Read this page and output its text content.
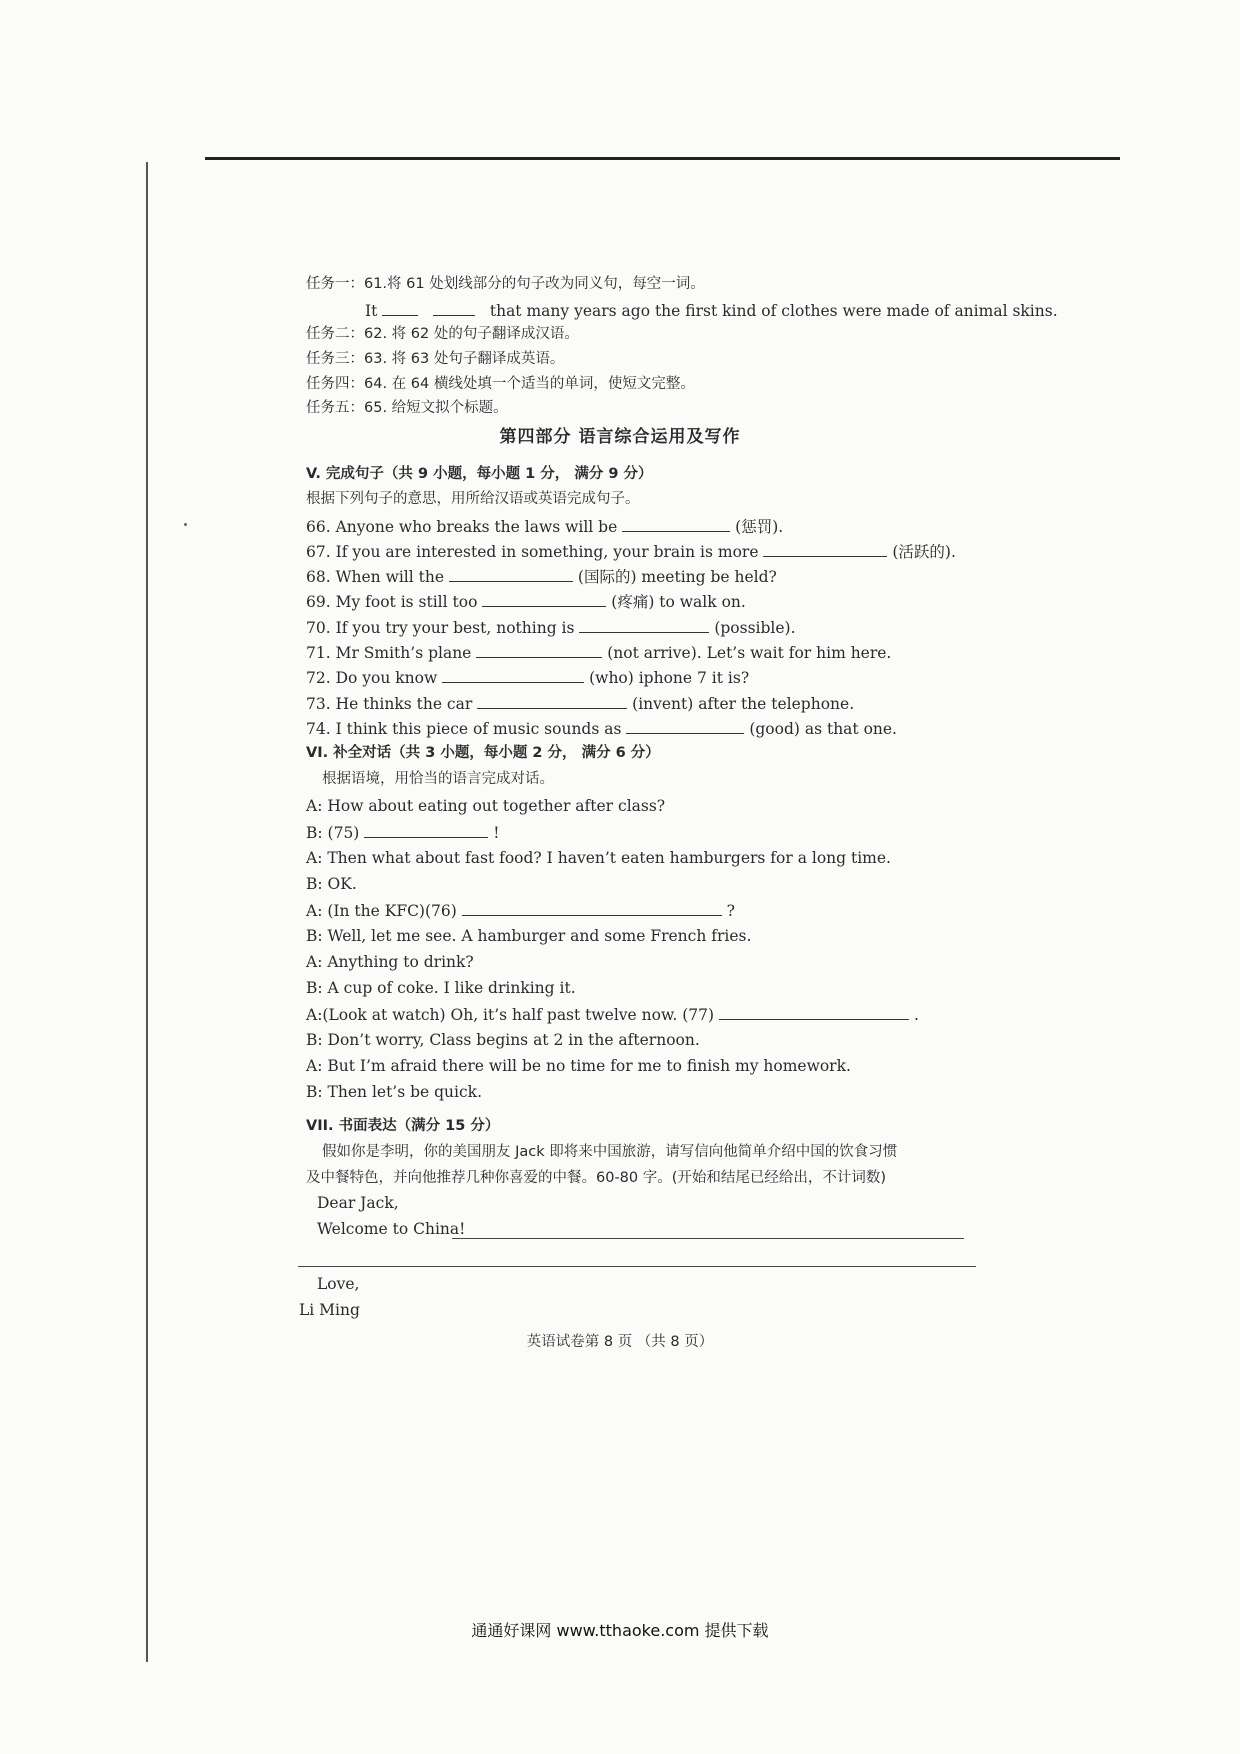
任务一：61.将 61 处划线部分的句子改为同义句，每空一词。
It	that many years ago the first kind of clothes were made of animal skins.
任务二：62. 将 62 处的句子翻译成汉语。
任务三：63. 将 63 处句子翻译成英语。
任务四：64. 在 64 横线处填一个适当的单词，使短文完整。
任务五：65. 给短文拟个标题。
第四部分 语言综合运用及写作
V. 完成句子（共 9 小题，每小题 1 分， 满分 9 分）
根据下列句子的意思，用所给汉语或英语完成句子。
66. Anyone who breaks the laws will be	(惩罚).
67. If you are interested in something, your brain is more	(活跃的).
68. When will the	(国际的) meeting be held?
69. My foot is still too	(疼痛) to walk on.
70. If you try your best, nothing is	(possible).
71. Mr Smith’s plane	(not arrive). Let’s wait for him here.
72. Do you know	(who) iphone 7 it is?
73. He thinks the car	(invent) after the telephone.
74. I think this piece of music sounds as	(good) as that one.
VI. 补全对话（共 3 小题，每小题 2 分， 满分 6 分）
根据语境，用恰当的语言完成对话。
A: How about eating out together after class?
B: (75)	!
A: Then what about fast food? I haven’t eaten hamburgers for a long time.
B: OK.
A: (In the KFC)(76)	?
B: Well, let me see. A hamburger and some French fries.
A: Anything to drink?
B: A cup of coke. I like drinking it.
A:(Look at watch) Oh, it’s half past twelve now. (77)	.
B: Don’t worry, Class begins at 2 in the afternoon.
A: But I’m afraid there will be no time for me to finish my homework.
B: Then let’s be quick.
VII. 书面表达（满分 15 分）
假如你是李明，你的美国朋友 Jack 即将来中国旅游，请写信向他简单介绍中国的饮食习惯
及中餐特色，并向他推荐几种你喜爱的中餐。60-80 字。(开始和结尾已经给出，不计词数)
Dear Jack,
Welcome to China!
Love,
Li Ming
英语试卷第 8 页 （共 8 页）
通通好课网 www.tthaoke.com 提供下载
